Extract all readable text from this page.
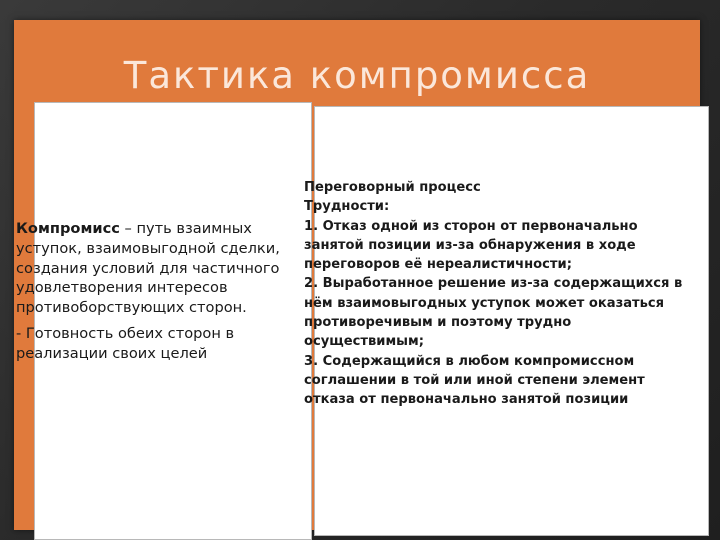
Тактика компромисса

Компромисс – путь взаимных уступок, взаимовыгодной сделки, создания условий для частичного удовлетворения интересов противоборствующих сторон.

- Готовность обеих сторон в реализации своих целей

Переговорный процесс

Трудности:

1. Отказ одной из сторон от первоначально занятой позиции из-за обнаружения в ходе переговоров её нереалистичности;

2. Выработанное решение из-за содержащихся в нём взаимовыгодных уступок может оказаться противоречивым и поэтому трудно осуществимым;

3. Содержащийся в любом компромиссном соглашении в той или иной степени элемент отказа от первоначально занятой позиции
